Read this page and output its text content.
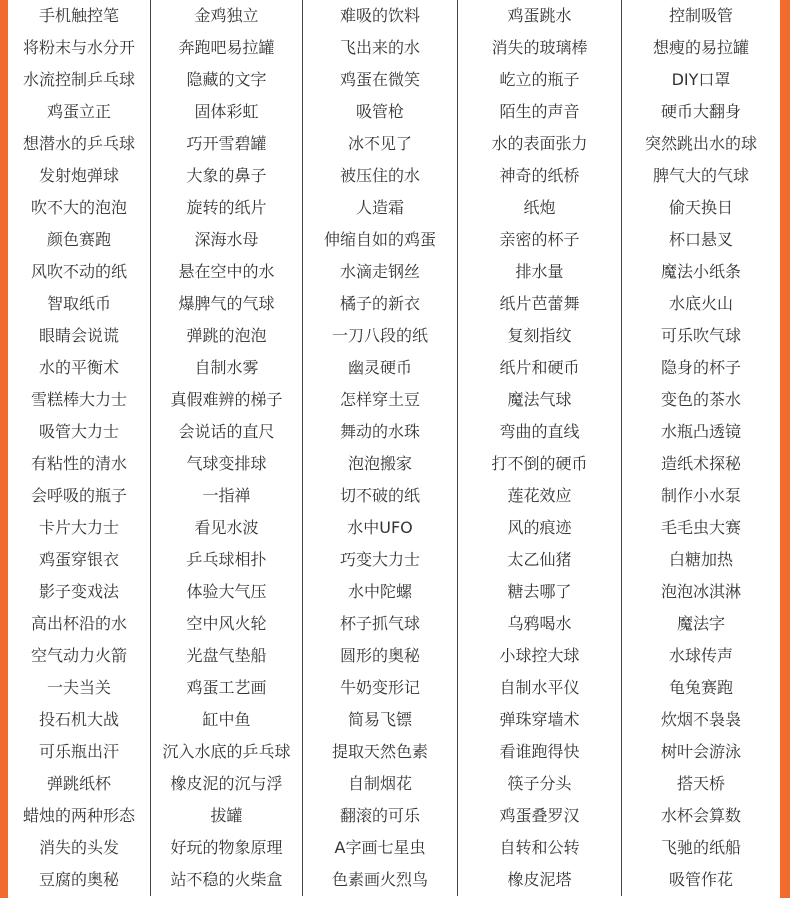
手机触控笔	金鸡独立	难吸的饮料	鸡蛋跳水	控制吸管
将粉末与水分开	奔跑吧易拉罐	飞出来的水	消失的玻璃棒	想瘦的易拉罐
水流控制乒乓球	隐藏的文字	鸡蛋在微笑	屹立的瓶子	DIY口罩
鸡蛋立正	固体彩虹	吸管枪	陌生的声音	硬币大翻身
想潜水的乒乓球	巧开雪碧罐	冰不见了	水的表面张力	突然跳出水的球
发射炮弹球	大象的鼻子	被压住的水	神奇的纸桥	脾气大的气球
吹不大的泡泡	旋转的纸片	人造霜	纸炮	偷天换日
颜色赛跑	深海水母	伸缩自如的鸡蛋	亲密的杯子	杯口悬叉
风吹不动的纸	悬在空中的水	水滴走钢丝	排水量	魔法小纸条
智取纸币	爆脾气的气球	橘子的新衣	纸片芭蕾舞	水底火山
眼睛会说谎	弹跳的泡泡	一刀八段的纸	复刻指纹	可乐吹气球
水的平衡术	自制水雾	幽灵硬币	纸片和硬币	隐身的杯子
雪糕棒大力士	真假难辨的梯子	怎样穿土豆	魔法气球	变色的茶水
吸管大力士	会说话的直尺	舞动的水珠	弯曲的直线	水瓶凸透镜
有粘性的清水	气球变排球	泡泡搬家	打不倒的硬币	造纸术探秘
会呼吸的瓶子	一指禅	切不破的纸	莲花效应	制作小水泵
卡片大力士	看见水波	水中UFO	风的痕迹	毛毛虫大赛
鸡蛋穿银衣	乒乓球相扑	巧变大力士	太乙仙猪	白糖加热
影子变戏法	体验大气压	水中陀螺	糖去哪了	泡泡冰淇淋
高出杯沿的水	空中风火轮	杯子抓气球	乌鸦喝水	魔法字
空气动力火箭	光盘气垫船	圆形的奥秘	小球控大球	水球传声
一夫当关	鸡蛋工艺画	牛奶变形记	自制水平仪	龟兔赛跑
投石机大战	缸中鱼	简易飞镖	弹珠穿墙术	炊烟不袅袅
可乐瓶出汗	沉入水底的乒乓球	提取天然色素	看谁跑得快	树叶会游泳
弹跳纸杯	橡皮泥的沉与浮	自制烟花	筷子分头	搭天桥
蜡烛的两种形态	拔罐	翻滚的可乐	鸡蛋叠罗汉	水杯会算数
消失的头发	好玩的物象原理	A字画七星虫	自转和公转	飞驰的纸船
豆腐的奥秘	站不稳的火柴盒	色素画火烈鸟	橡皮泥塔	吸管作花
